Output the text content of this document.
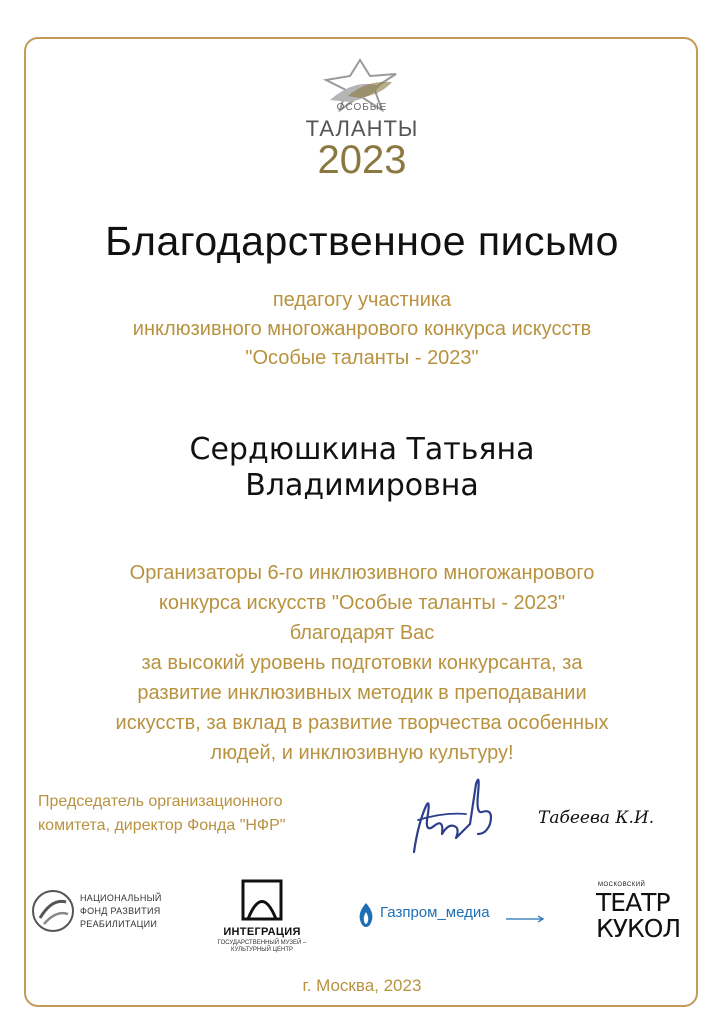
ОСОБЫЕ
ТАЛАНТЫ
2023
Благодарственное письмо
педагогу участника
инклюзивного многожанрового конкурса искусств
"Особые таланты - 2023"
Сердюшкина Татьяна
Владимировна
Организаторы 6-го инклюзивного многожанрового
конкурса искусств "Особые таланты - 2023"
благодарят Вас
за высокий уровень подготовки конкурсанта, за
развитие инклюзивных методик в преподавании
искусств, за вклад в развитие творчества особенных
людей, и инклюзивную культуру!
Председатель организационного
комитета, директор Фонда "НФР"	Табеева К.И.
НАЦИОНАЛЬНЫЙ
ФОНД РАЗВИТИЯ
РЕАБИЛИТАЦИИ
ИНТЕГРАЦИЯ
ГОСУДАРСТВЕННЫЙ МУЗЕЙ –
КУЛЬТУРНЫЙ ЦЕНТР
Газпром_медиа
МОСКОВСКИЙ
ТЕАТР
КУКОЛ
г. Москва, 2023
